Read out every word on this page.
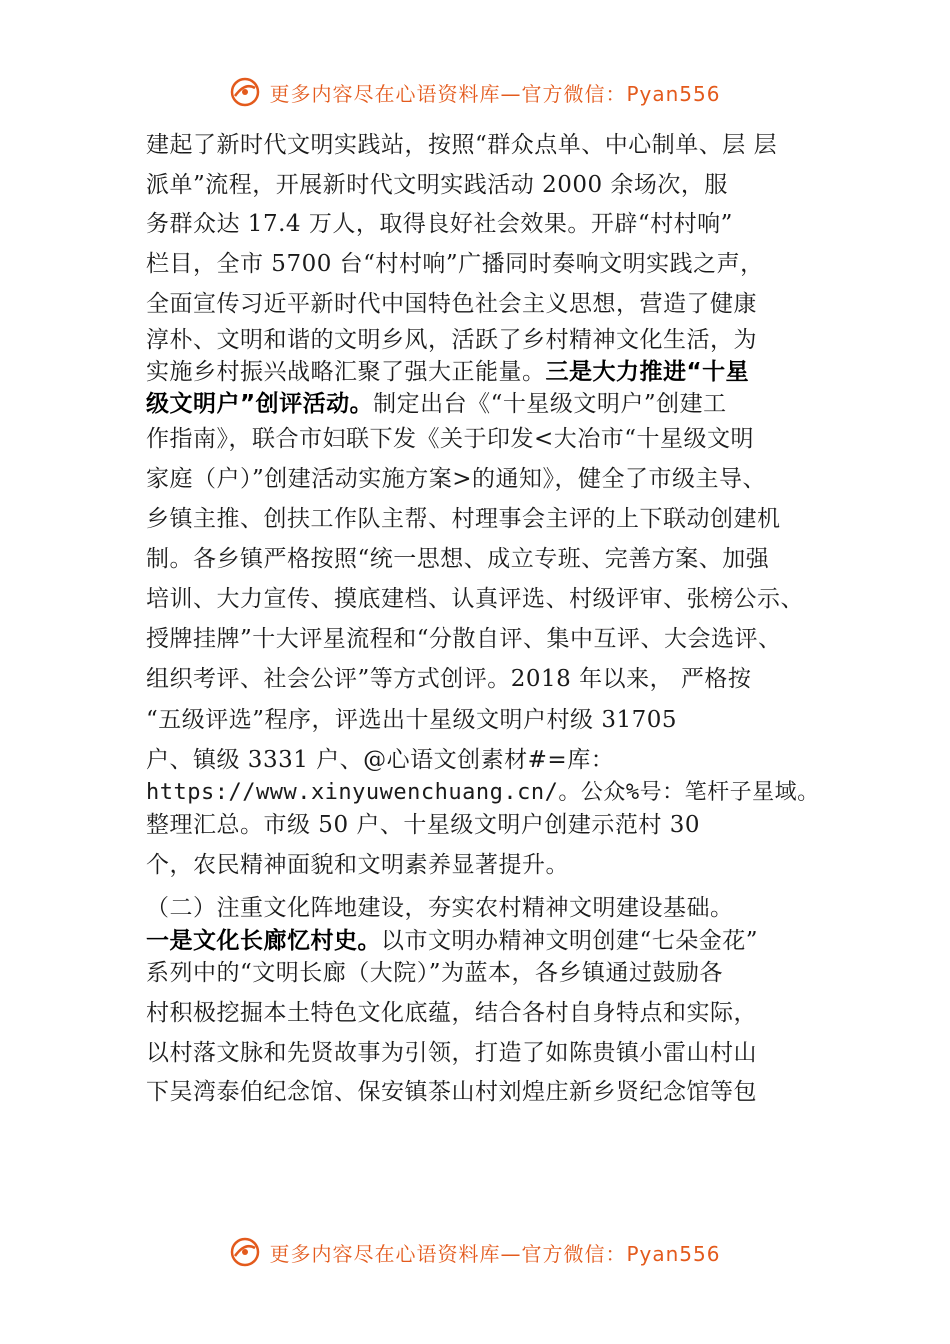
更多内容尽在心语资料库—官方微信：Pyan556
建起了新时代文明实践站，按照“群众点单、中心制单、层 层
派单”流程，开展新时代文明实践活动 2000 余场次，服
务群众达 17.4 万人，取得良好社会效果。开辟“村村响”
栏目，全市 5700 台“村村响”广播同时奏响文明实践之声，
全面宣传习近平新时代中国特色社会主义思想，营造了健康
淳朴、文明和谐的文明乡风，活跃了乡村精神文化生活，为
实施乡村振兴战略汇聚了强大正能量。三是大力推进“十星
级文明户”创评活动。制定出台《“十星级文明户”创建工
作指南》，联合市妇联下发《关于印发<大冶市“十星级文明
家庭（户）”创建活动实施方案>的通知》，健全了市级主导、
乡镇主推、创扶工作队主帮、村理事会主评的上下联动创建机
制。各乡镇严格按照“统一思想、成立专班、完善方案、加强
培训、大力宣传、摸底建档、认真评选、村级评审、张榜公示、
授牌挂牌”十大评星流程和“分散自评、集中互评、大会选评、
组织考评、社会公评”等方式创评。2018 年以来， 严格按
“五级评选”程序，评选出十星级文明户村级 31705
户、镇级 3331 户、@心语文创素材#=库：
https://www.xinyuwenchuang.cn/。公众%号：笔杆子星域。
整理汇总。市级 50 户、十星级文明户创建示范村 30
个，农民精神面貌和文明素养显著提升。
（二）注重文化阵地建设，夯实农村精神文明建设基础。
一是文化长廊忆村史。以市文明办精神文明创建“七朵金花”
系列中的“文明长廊（大院）”为蓝本，各乡镇通过鼓励各
村积极挖掘本土特色文化底蕴，结合各村自身特点和实际，
以村落文脉和先贤故事为引领，打造了如陈贵镇小雷山村山
下吴湾泰伯纪念馆、保安镇茶山村刘煌庄新乡贤纪念馆等包
更多内容尽在心语资料库—官方微信：Pyan556
